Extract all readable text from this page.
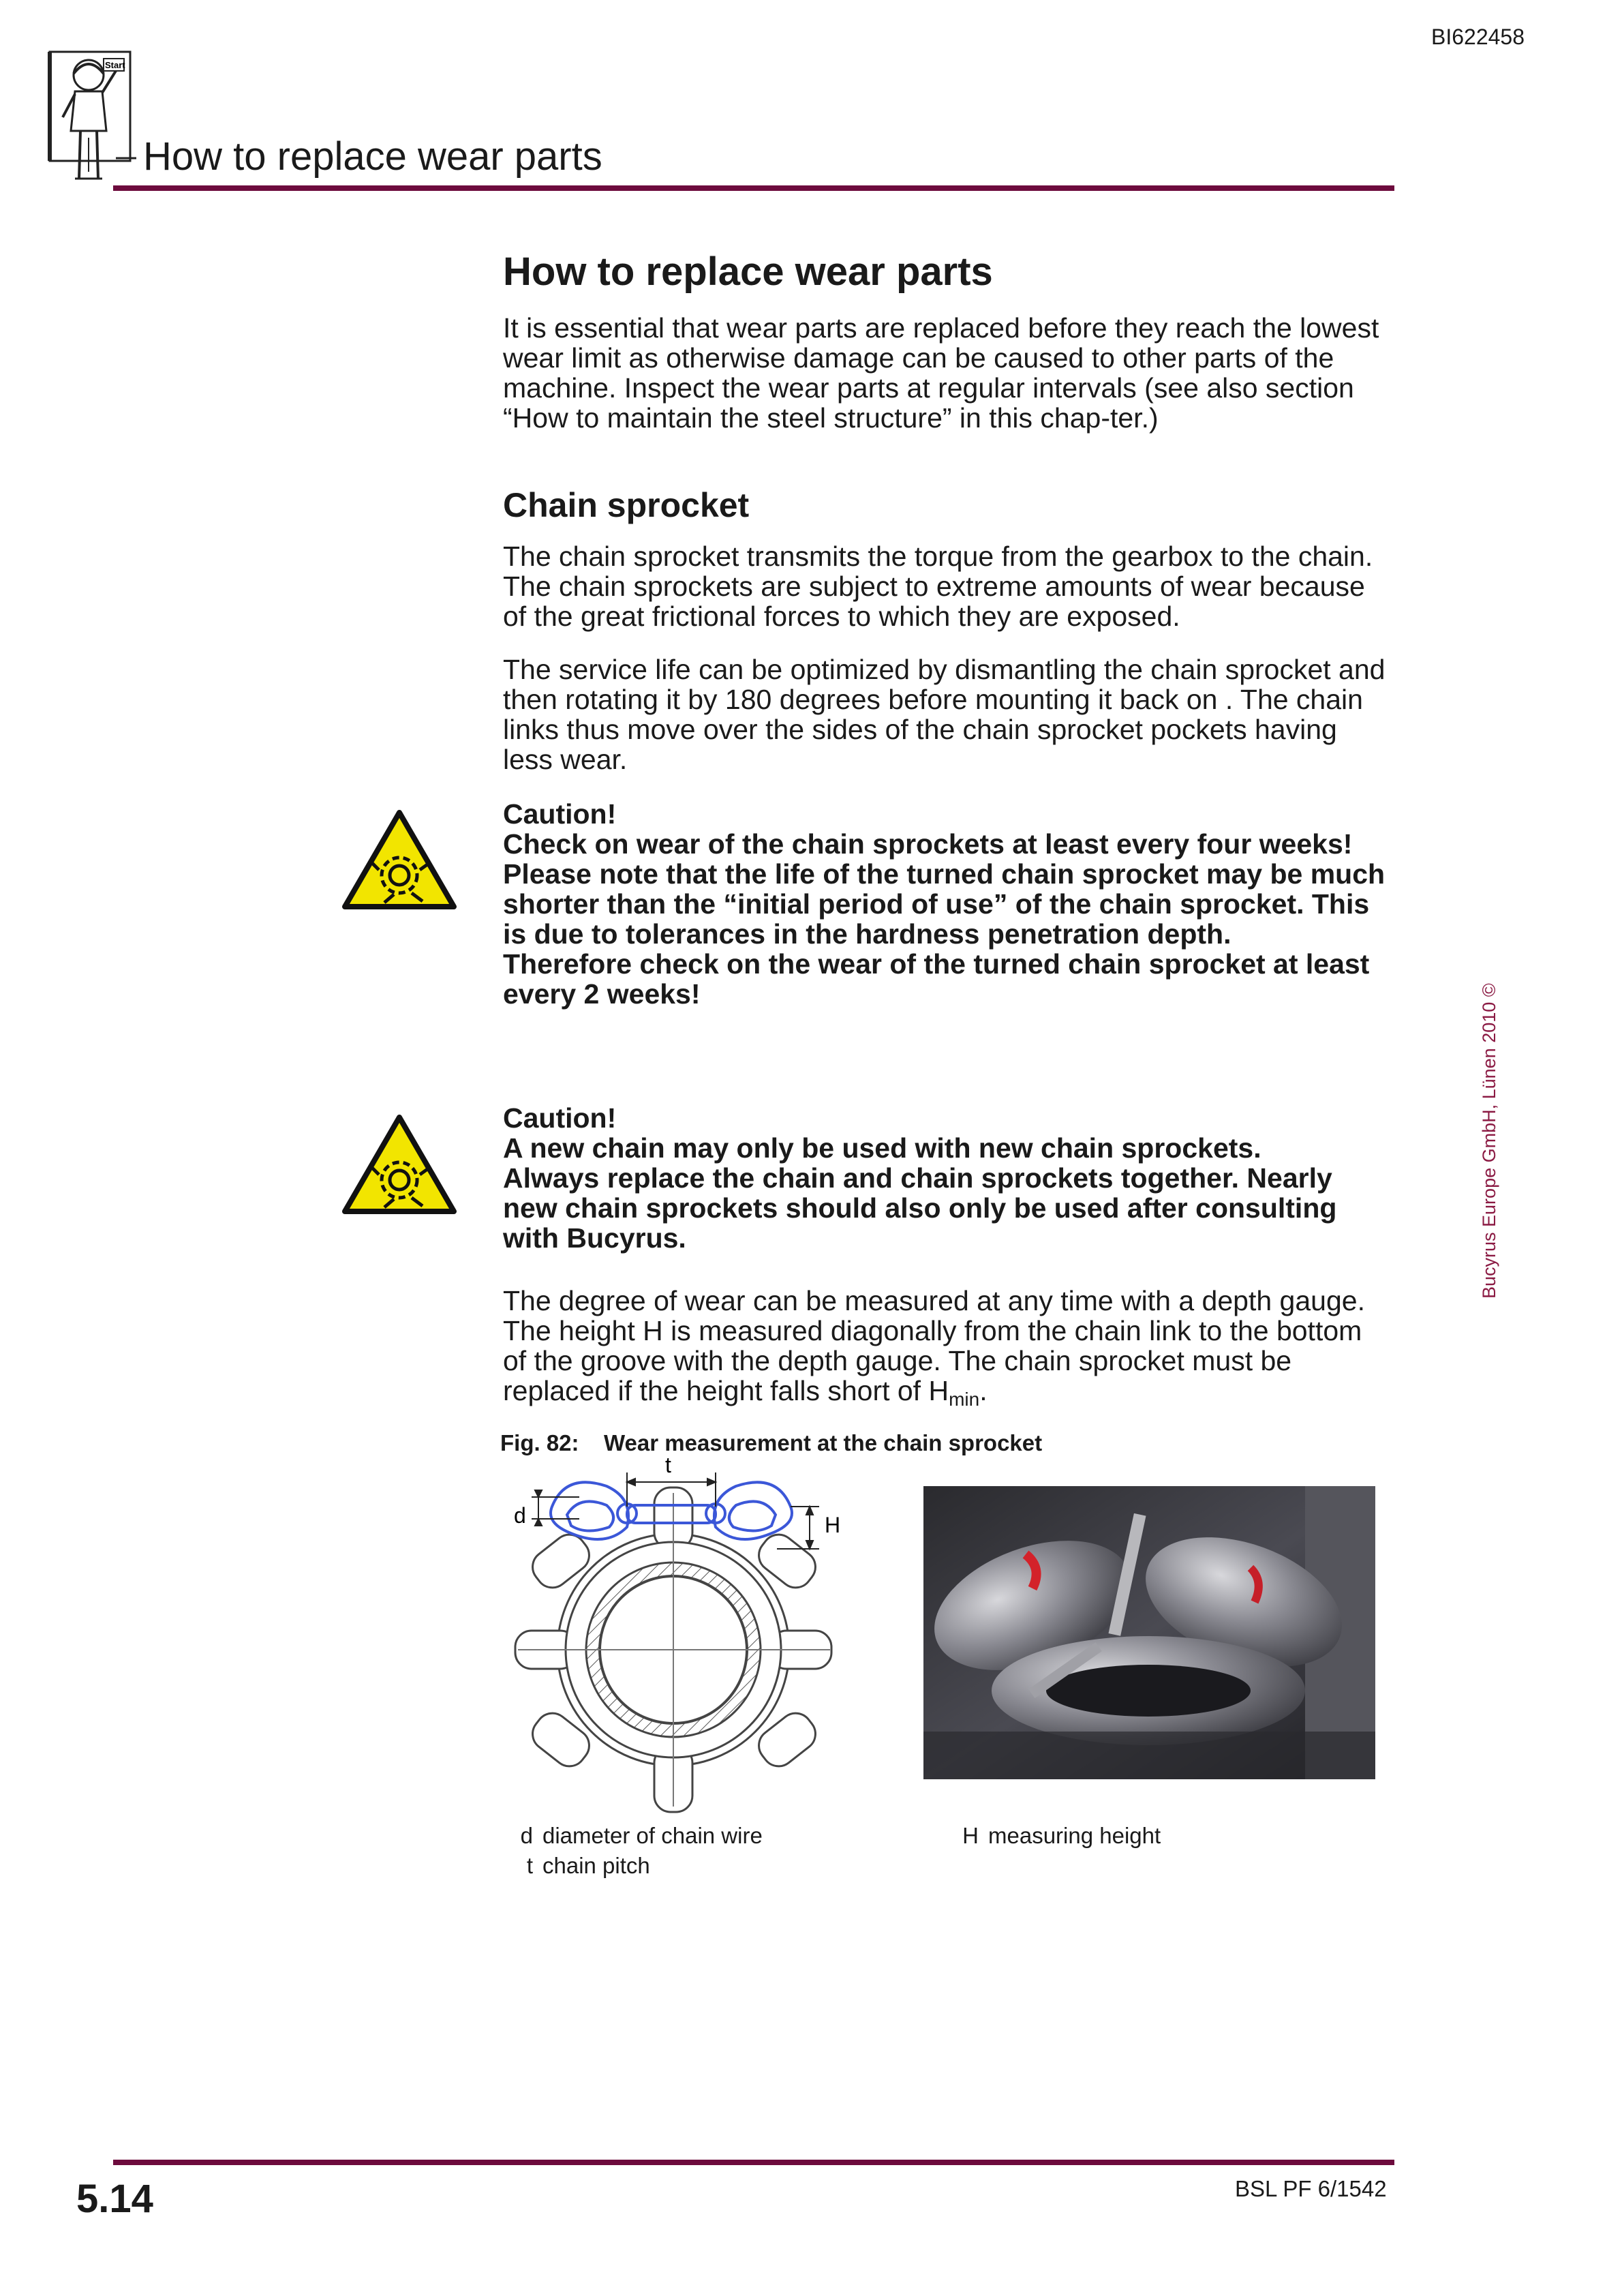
BI622458
Start
How to replace wear parts
How to replace wear parts

It is essential that wear parts are replaced before they reach the lowest wear limit as otherwise damage can be caused to other parts of the machine. Inspect the wear parts at regular intervals (see also section “How to maintain the steel structure” in this chap-ter.)

Chain sprocket

The chain sprocket transmits the torque from the gearbox to the chain. The chain sprockets are subject to extreme amounts of wear because of the great frictional forces to which they are exposed.

The service life can be optimized by dismantling the chain sprocket and then rotating it by 180 degrees before mounting it back on . The chain links thus move over the sides of the chain sprocket pockets having less wear.

Caution!
Check on wear of the chain sprockets at least every four weeks!
Please note that the life of the turned chain sprocket may be much shorter than the “initial period of use” of the chain sprocket. This is due to tolerances in the hardness penetration depth.
Therefore check on the wear of the turned chain sprocket at least every 2 weeks!
Caution!
A new chain may only be used with new chain sprockets.
Always replace the chain and chain sprockets together. Nearly new chain sprockets should also only be used after consulting with Bucyrus.

The degree of wear can be measured at any time with a depth gauge. The height H is measured diagonally from the chain link to the bottom of the groove with the depth gauge. The chain sprocket must be replaced if the height falls short of $H_{min}$.

Fig. 82: Wear measurement at the chain sprocket
t
d	H
d diameter of chain wire
t chain pitch
H measuring height
Bucyrus Europe GmbH, Lünen 2010 ©
5.14	BSL PF 6/1542
